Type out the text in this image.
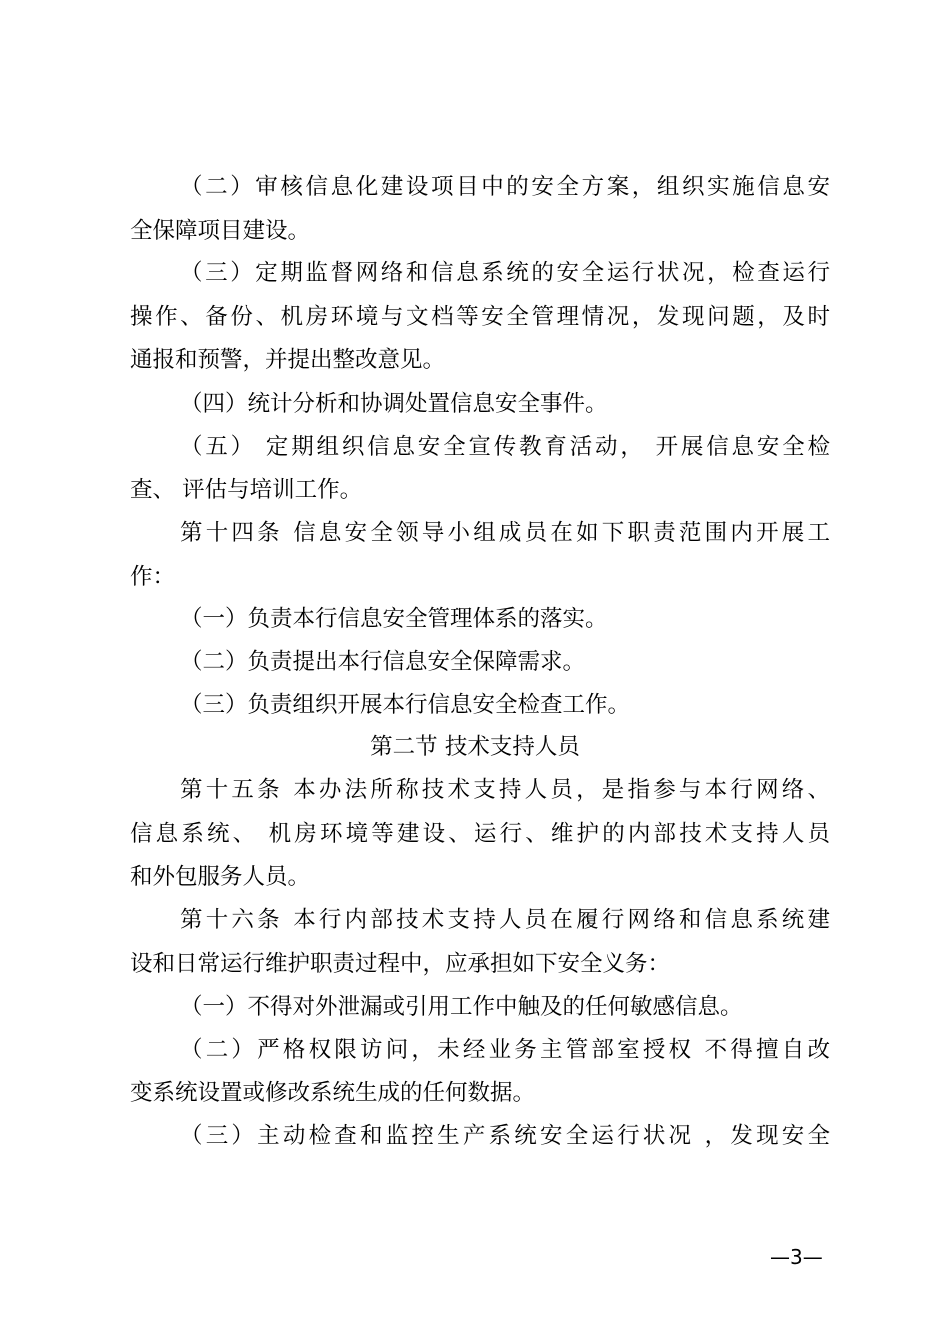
（二）审核信息化建设项目中的安全方案，组织实施信息安
全保障项目建设。
（三）定期监督网络和信息系统的安全运行状况，检查运行
操作、备份、机房环境与文档等安全管理情况，发现问题，及时
通报和预警，并提出整改意见。
（四）统计分析和协调处置信息安全事件。
（五） 定期组织信息安全宣传教育活动， 开展信息安全检
查、 评估与培训工作。
第十四条 信息安全领导小组成员在如下职责范围内开展工
作：
（一）负责本行信息安全管理体系的落实。
（二）负责提出本行信息安全保障需求。
（三）负责组织开展本行信息安全检查工作。
第二节 技术支持人员
第十五条 本办法所称技术支持人员，是指参与本行网络、
信息系统、 机房环境等建设、运行、维护的内部技术支持人员
和外包服务人员。
第十六条 本行内部技术支持人员在履行网络和信息系统建
设和日常运行维护职责过程中，应承担如下安全义务：
（一）不得对外泄漏或引用工作中触及的任何敏感信息。
（二）严格权限访问，未经业务主管部室授权 不得擅自改
变系统设置或修改系统生成的任何数据。
（三）主动检查和监控生产系统安全运行状况 ，发现安全
—3—
